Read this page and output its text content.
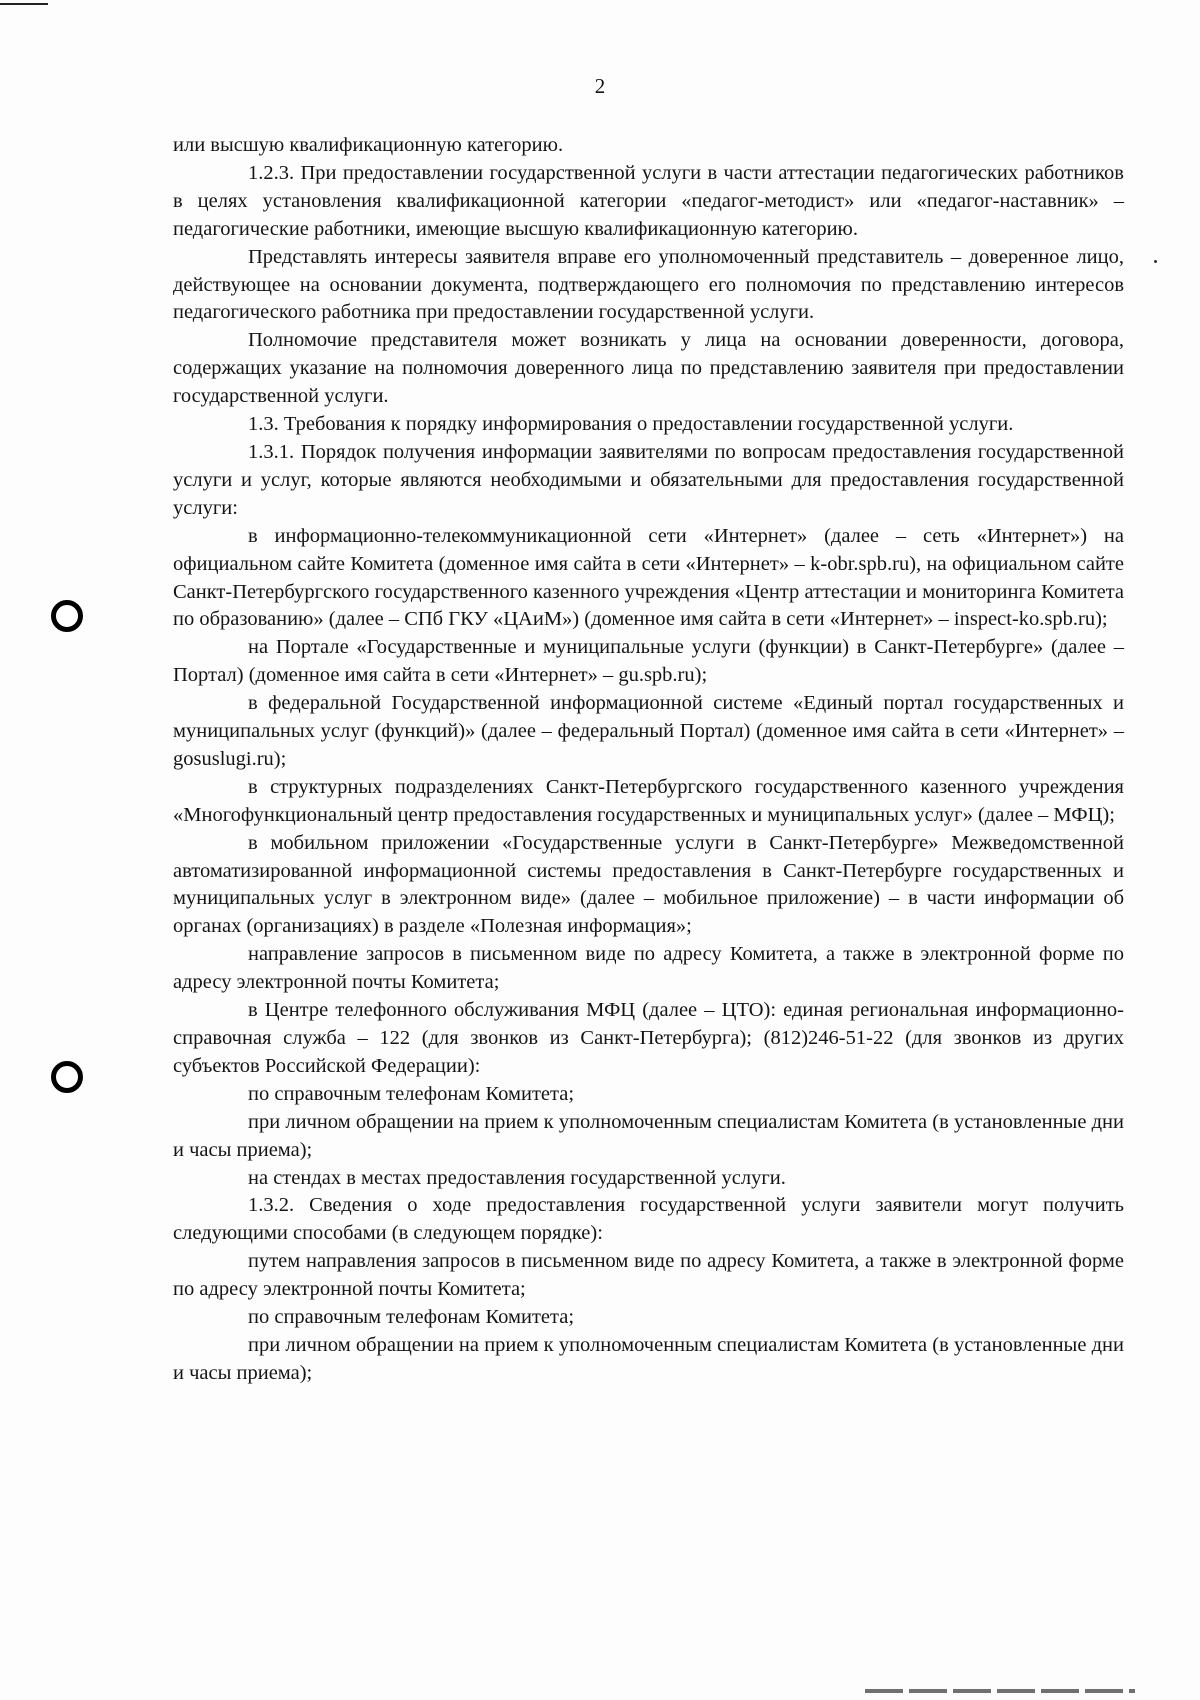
2

или высшую квалификационную категорию.

1.2.3. При предоставлении государственной услуги в части аттестации педагогических работников в целях установления квалификационной категории «педагог-методист» или «педагог-наставник» – педагогические работники, имеющие высшую квалификационную категорию.

Представлять интересы заявителя вправе его уполномоченный представитель – доверенное лицо, действующее на основании документа, подтверждающего его полномочия по представлению интересов педагогического работника при предоставлении государственной услуги.

Полномочие представителя может возникать у лица на основании доверенности, договора, содержащих указание на полномочия доверенного лица по представлению заявителя при предоставлении государственной услуги.

1.3. Требования к порядку информирования о предоставлении государственной услуги.

1.3.1. Порядок получения информации заявителями по вопросам предоставления государственной услуги и услуг, которые являются необходимыми и обязательными для предоставления государственной услуги:

в информационно-телекоммуникационной сети «Интернет» (далее – сеть «Интернет») на официальном сайте Комитета (доменное имя сайта в сети «Интернет» – k-obr.spb.ru), на официальном сайте Санкт-Петербургского государственного казенного учреждения «Центр аттестации и мониторинга Комитета по образованию» (далее – СПб ГКУ «ЦАиМ») (доменное имя сайта в сети «Интернет» – inspect-ko.spb.ru);

на Портале «Государственные и муниципальные услуги (функции) в Санкт-Петербурге» (далее – Портал) (доменное имя сайта в сети «Интернет» – gu.spb.ru);

в федеральной Государственной информационной системе «Единый портал государственных и муниципальных услуг (функций)» (далее – федеральный Портал) (доменное имя сайта в сети «Интернет» – gosuslugi.ru);

в структурных подразделениях Санкт-Петербургского государственного казенного учреждения «Многофункциональный центр предоставления государственных и муниципальных услуг» (далее – МФЦ);

в мобильном приложении «Государственные услуги в Санкт-Петербурге» Межведомственной автоматизированной информационной системы предоставления в Санкт-Петербурге государственных и муниципальных услуг в электронном виде» (далее – мобильное приложение) – в части информации об органах (организациях) в разделе «Полезная информация»;

направление запросов в письменном виде по адресу Комитета, а также в электронной форме по адресу электронной почты Комитета;

в Центре телефонного обслуживания МФЦ (далее – ЦТО): единая региональная информационно-справочная служба – 122 (для звонков из Санкт-Петербурга); (812)246-51-22 (для звонков из других субъектов Российской Федерации):

по справочным телефонам Комитета;

при личном обращении на прием к уполномоченным специалистам Комитета (в установленные дни и часы приема);

на стендах в местах предоставления государственной услуги.

1.3.2. Сведения о ходе предоставления государственной услуги заявители могут получить следующими способами (в следующем порядке):

путем направления запросов в письменном виде по адресу Комитета, а также в электронной форме по адресу электронной почты Комитета;

по справочным телефонам Комитета;

при личном обращении на прием к уполномоченным специалистам Комитета (в установленные дни и часы приема);
